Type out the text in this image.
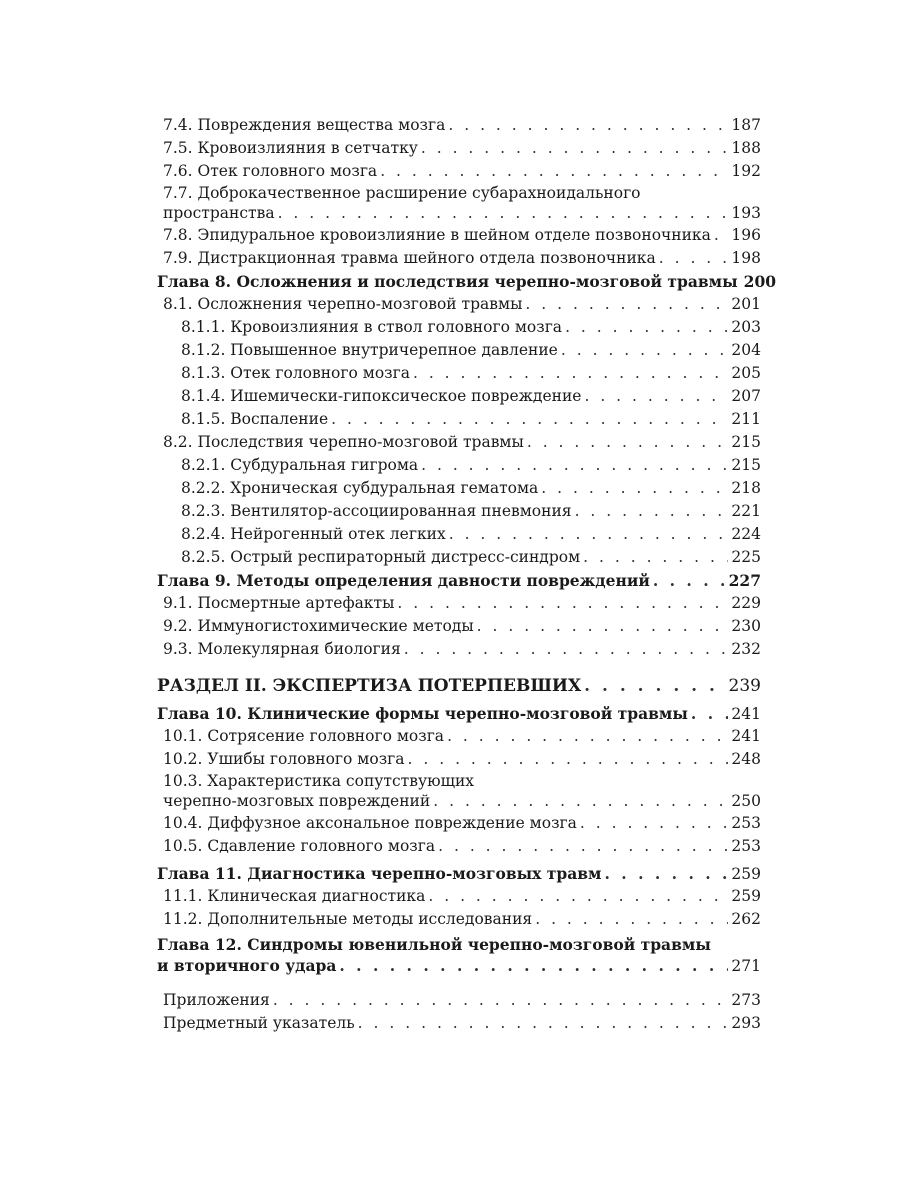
7.4. Повреждения вещества мозга . . .	187
7.5. Кровоизлияния в сетчатку . . .	188
7.6. Отек головного мозга . . .	192
7.7. Доброкачественное расширение субарахноидального
пространства . . .	193
7.8. Эпидуральное кровоизлияние в шейном отделе позвоночника . . . 196
7.9. Дистракционная травма шейного отдела позвоночника . . .	198
Глава 8. Осложнения и последствия черепно-мозговой травмы 200
8.1. Осложнения черепно-мозговой травмы . . .	201
8.1.1. Кровоизлияния в ствол головного мозга . . .	203
8.1.2. Повышенное внутричерепное давление . . .	204
8.1.3. Отек головного мозга . . .	205
8.1.4. Ишемически-гипоксическое повреждение . . .	207
8.1.5. Воспаление . . .	211
8.2. Последствия черепно-мозговой травмы . . .	215
8.2.1. Субдуральная гигрома . . .	215
8.2.2. Хроническая субдуральная гематома . . .	218
8.2.3. Вентилятор-ассоциированная пневмония . . .	221
8.2.4. Нейрогенный отек легких . . .	224
8.2.5. Острый респираторный дистресс-синдром . . .	225
Глава 9. Методы определения давности повреждений . . .	227
9.1. Посмертные артефакты . . .	229
9.2. Иммуногистохимические методы . . .	230
9.3. Молекулярная биология . . .	232
РАЗДЕЛ II. ЭКСПЕРТИЗА ПОТЕРПЕВШИХ . . .	239
Глава 10. Клинические формы черепно-мозговой травмы . . .	241
10.1. Сотрясение головного мозга . . .	241
10.2. Ушибы головного мозга . . .	248
10.3. Характеристика сопутствующих
черепно-мозговых повреждений . . .	250
10.4. Диффузное аксональное повреждение мозга . . .	253
10.5. Сдавление головного мозга . . .	253
Глава 11. Диагностика черепно-мозговых травм . . .	259
11.1. Клиническая диагностика . . .	259
11.2. Дополнительные методы исследования . . .	262
Глава 12. Синдромы ювенильной черепно-мозговой травмы
и вторичного удара . . .	271
Приложения . . .	273
Предметный указатель . . .	293
